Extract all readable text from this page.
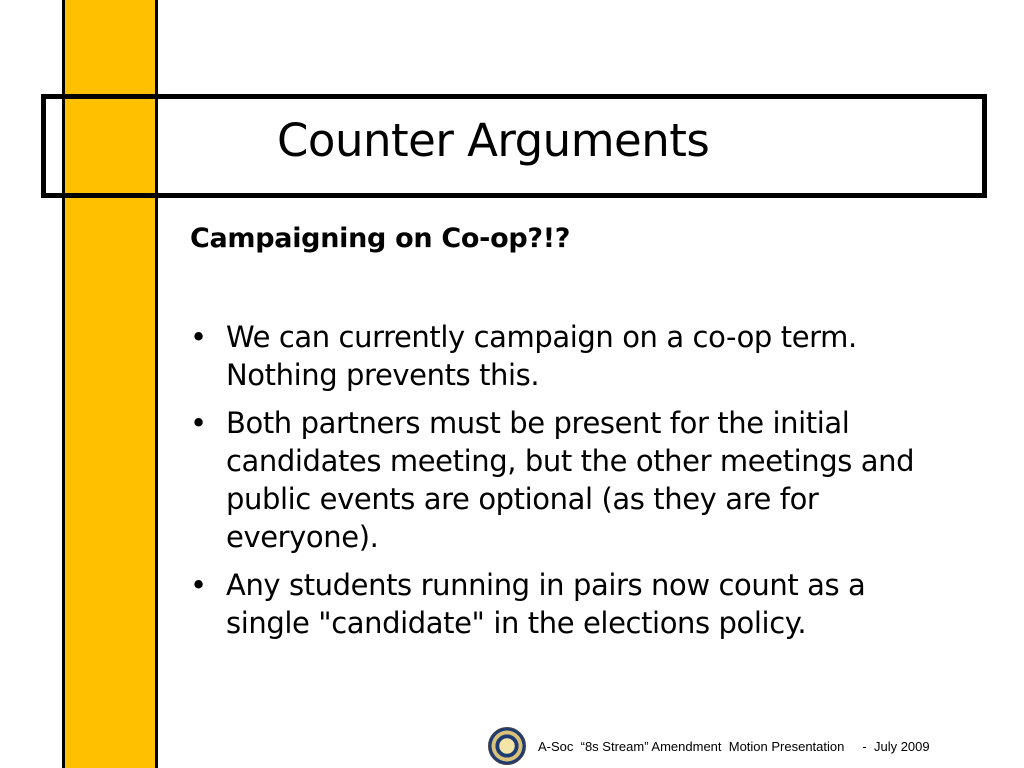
Counter Arguments

Campaigning on Co-op?!?

• We can currently campaign on a co-op term. Nothing prevents this.
• Both partners must be present for the initial candidates meeting, but the other meetings and public events are optional (as they are for everyone).
• Any students running in pairs now count as a single "candidate" in the elections policy.
A-Soc  “8s Stream” Amendment  Motion Presentation     -  July 2009
